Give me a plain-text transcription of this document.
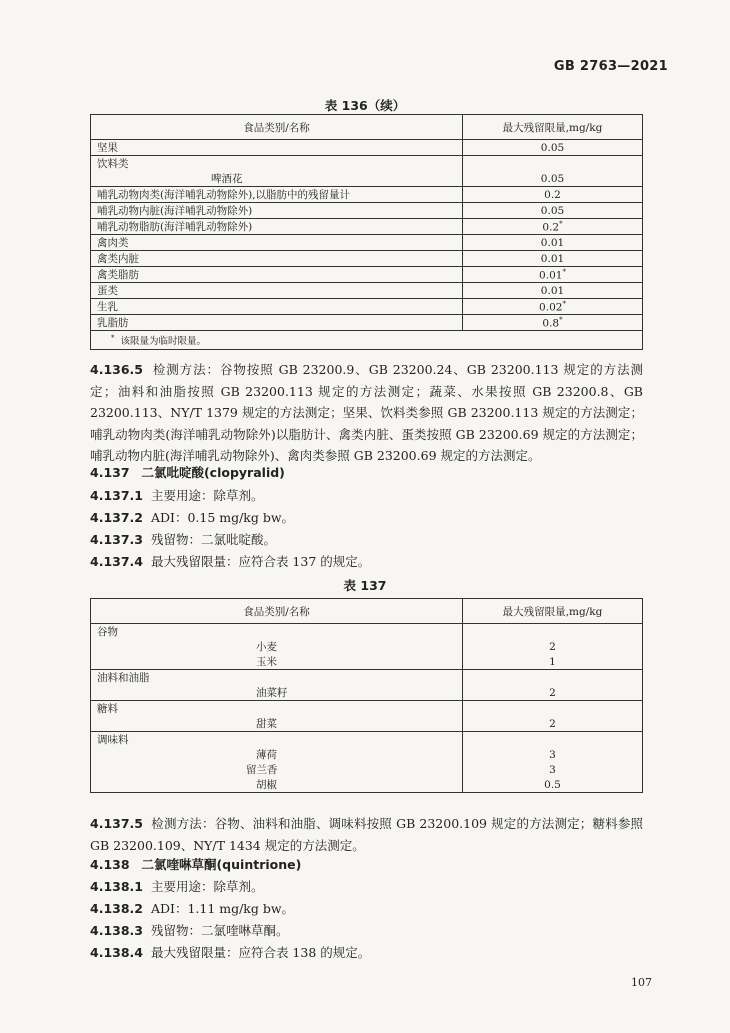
GB 2763—2021
表 136（续）
食品类别/名称	最大残留限量,mg/kg
坚果	0.05
饮料类	
啤酒花	0.05
哺乳动物肉类(海洋哺乳动物除外),以脂肪中的残留量计	0.2
哺乳动物内脏(海洋哺乳动物除外)	0.05
哺乳动物脂肪(海洋哺乳动物除外)	0.2*
禽肉类	0.01
禽类内脏	0.01
禽类脂肪	0.01*
蛋类	0.01
生乳	0.02*
乳脂肪	0.8*
* 该限量为临时限量。	
4.136.5 检测方法：谷物按照 GB 23200.9、GB 23200.24、GB 23200.113 规定的方法测定；油料和油脂按照 GB 23200.113 规定的方法测定；蔬菜、水果按照 GB 23200.8、GB 23200.113、NY/T 1379 规定的方法测定；坚果、饮料类参照 GB 23200.113 规定的方法测定；哺乳动物肉类(海洋哺乳动物除外)以脂肪计、禽类内脏、蛋类按照 GB 23200.69 规定的方法测定；哺乳动物内脏(海洋哺乳动物除外)、禽肉类参照 GB 23200.69 规定的方法测定。
4.137 二氯吡啶酸(clopyralid)
4.137.1 主要用途：除草剂。
4.137.2 ADI：0.15 mg/kg bw。
4.137.3 残留物：二氯吡啶酸。
4.137.4 最大残留限量：应符合表 137 的规定。
表 137
食品类别/名称	最大残留限量,mg/kg
谷物	
小麦	2
玉米	1
油料和油脂	
油菜籽	2
糖料	
甜菜	2
调味料	
薄荷	3
留兰香	3
胡椒	0.5
4.137.5 检测方法：谷物、油料和油脂、调味料按照 GB 23200.109 规定的方法测定；糖料参照 GB 23200.109、NY/T 1434 规定的方法测定。
4.138 二氯喹啉草酮(quintrione)
4.138.1 主要用途：除草剂。
4.138.2 ADI：1.11 mg/kg bw。
4.138.3 残留物：二氯喹啉草酮。
4.138.4 最大残留限量：应符合表 138 的规定。
107
